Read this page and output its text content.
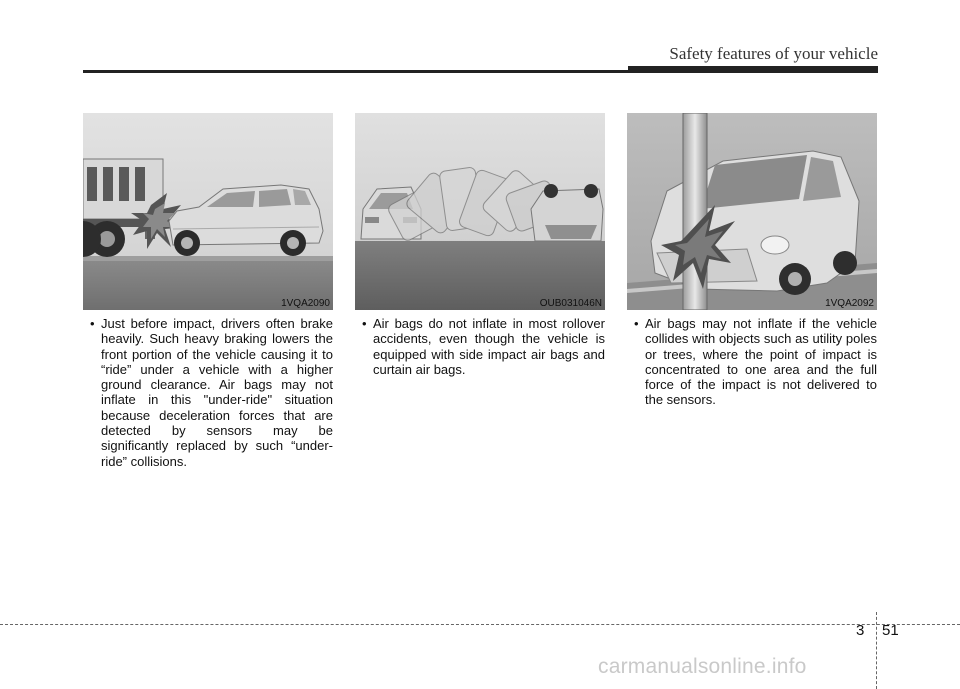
Safety features of your vehicle
1VQA2090
• Just before impact, drivers often brake heavily. Such heavy braking lowers the front portion of the vehicle causing it to “ride” under a vehicle with a higher ground clearance. Air bags may not inflate in this "under-ride" situation because deceleration forces that are detected by sensors may be significantly replaced by such “under-ride” collisions.
OUB031046N
• Air bags do not inflate in most rollover accidents, even though the vehicle is equipped with side impact air bags and curtain air bags.
1VQA2092
• Air bags may not inflate if the vehicle collides with objects such as utility poles or trees, where the point of impact is concentrated to one area and the full force of the impact is not delivered to the sensors.
3 51
carmanualsonline.info
